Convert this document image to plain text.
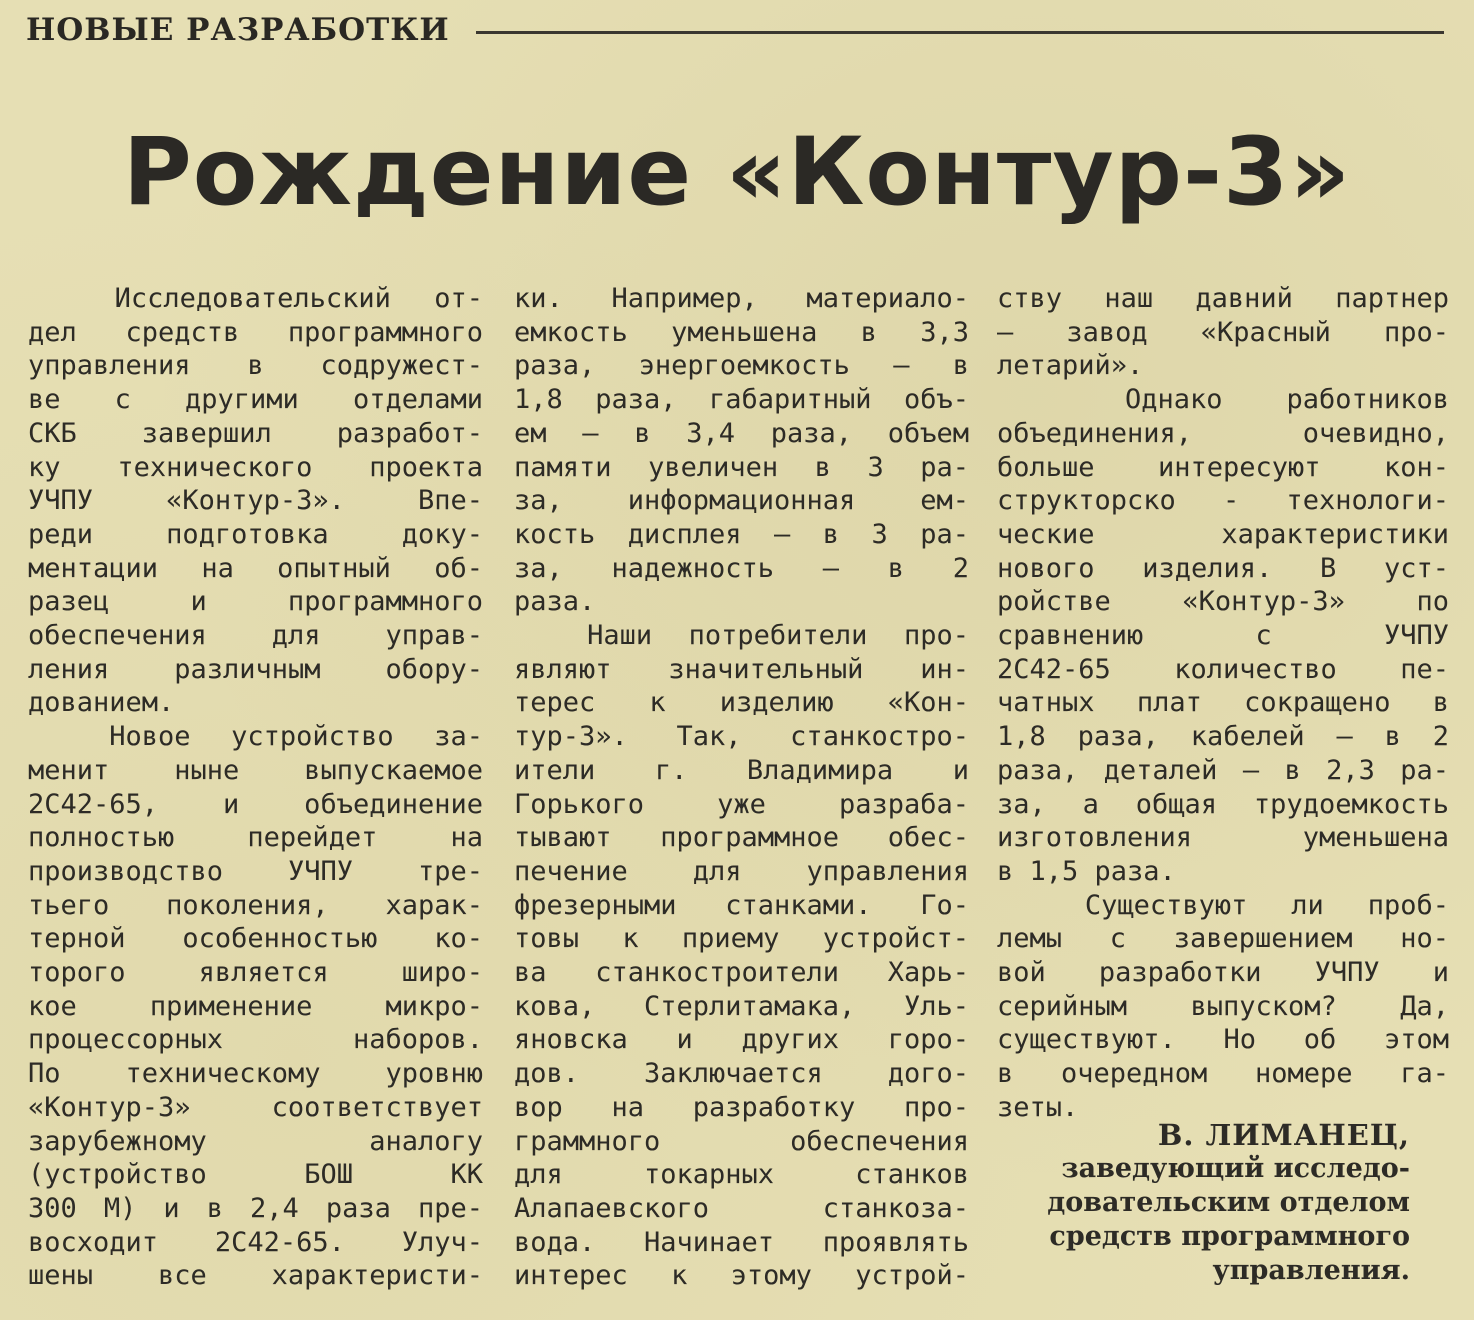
НОВЫЕ РАЗРАБОТКИ
Рождение «Контур-3»

Исследовательский от-

дел средств программного

управления в содружест-

ве с другими отделами

СКБ завершил разработ-

ку технического проекта

УЧПУ «Контур-3». Впе-

реди подготовка доку-

ментации на опытный об-

разец и программного

обеспечения для управ-

ления различным обору-

дованием.

Новое устройство за-

менит ныне выпускаемое

2С42-65, и объединение

полностью перейдет на

производство УЧПУ тре-

тьего поколения, харак-

терной особенностью ко-

торого является широ-

кое применение микро-

процессорных наборов.

По техническому уровню

«Контур-3» соответствует

зарубежному аналогу

(устройство БОШ КК

300 М) и в 2,4 раза пре-

восходит 2С42-65. Улуч-

шены все характеристи-

ки. Например, материало-

емкость уменьшена в 3,3

раза, энергоемкость — в

1,8 раза, габаритный объ-

ем — в 3,4 раза, объем

памяти увеличен в 3 ра-

за, информационная ем-

кость дисплея — в 3 ра-

за, надежность — в 2

раза.

Наши потребители про-

являют значительный ин-

терес к изделию «Кон-

тур-3». Так, станкостро-

ители г. Владимира и

Горького уже разраба-

тывают программное обес-

печение для управления

фрезерными станками. Го-

товы к приему устройст-

ва станкостроители Харь-

кова, Стерлитамака, Уль-

яновска и других горо-

дов. Заключается дого-

вор на разработку про-

граммного обеспечения

для токарных станков

Алапаевского станкоза-

вода. Начинает проявлять

интерес к этому устрой-

ству наш давний партнер

— завод «Красный про-

летарий».

Однако работников

объединения, очевидно,

больше интересуют кон-

структорско - технологи-

ческие характеристики

нового изделия. В уст-

ройстве «Контур-3» по

сравнению с УЧПУ

2С42-65 количество пе-

чатных плат сокращено в

1,8 раза, кабелей — в 2

раза, деталей — в 2,3 ра-

за, а общая трудоемкость

изготовления уменьшена

в 1,5 раза.

Существуют ли проб-

лемы с завершением но-

вой разработки УЧПУ и

серийным выпуском? Да,

существуют. Но об этом

в очередном номере га-

зеты.

В. ЛИМАНЕЦ,
заведующий исследо-
довательским отделом
средств программного
управления.
